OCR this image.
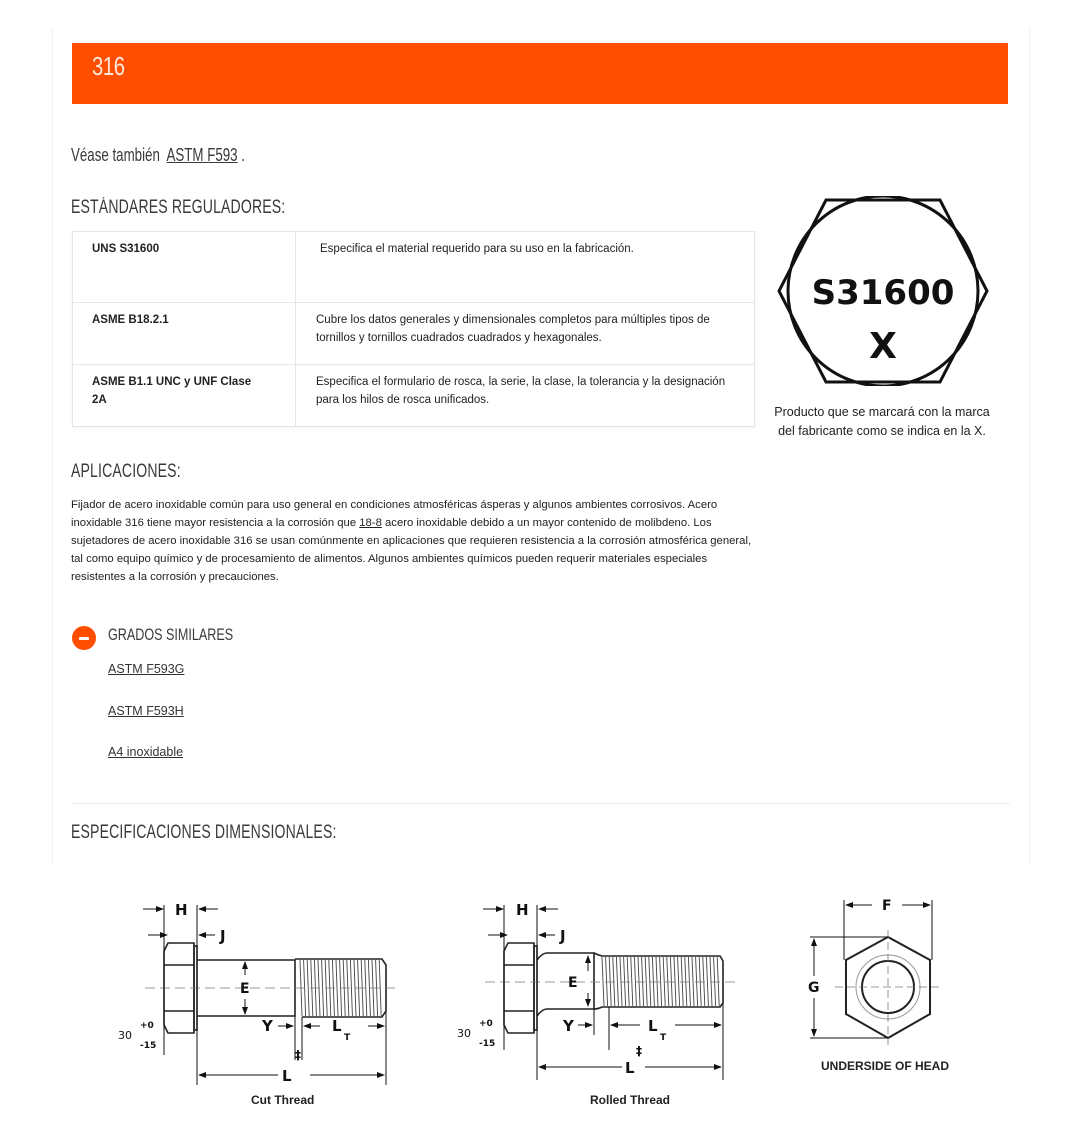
316
Véase también ASTM F593 .
ESTÁNDARES REGULADORES:
UNS S31600	Especifica el material requerido para su uso en la fabricación.
ASME B18.2.1	Cubre los datos generales y dimensionales completos para múltiples tipos de tornillos y tornillos cuadrados cuadrados y hexagonales.
ASME B1.1 UNC y UNF Clase 2A	Especifica el formulario de rosca, la serie, la clase, la tolerancia y la designación para los hilos de rosca unificados.
S31600
X
Producto que se marcará con la marca del fabricante como se indica en la X.
APLICACIONES:

Fijador de acero inoxidable común para uso general en condiciones atmosféricas ásperas y algunos ambientes corrosivos. Acero inoxidable 316 tiene mayor resistencia a la corrosión que 18-8 acero inoxidable debido a un mayor contenido de molibdeno. Los sujetadores de acero inoxidable 316 se usan comúnmente en aplicaciones que requieren resistencia a la corrosión atmosférica general, tal como equipo químico y de procesamiento de alimentos. Algunos ambientes químicos pueden requerir materiales especiales resistentes a la corrosión y precauciones.

GRADOS SIMILARES
ASTM F593G
ASTM F593H
A4 inoxidable
ESPECIFICACIONES DIMENSIONALES:
H
J
E
Y	L
T
L
‡
30
+0
-15
Cut Thread
H
J
E
Y	L
T
L
‡
30
+0
-15
Rolled Thread
F
G
UNDERSIDE OF HEAD
